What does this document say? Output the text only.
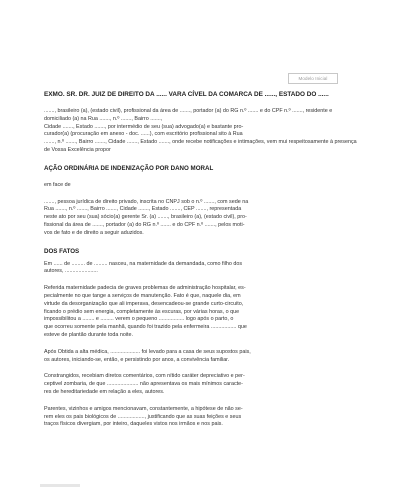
Modelo Inicial

EXMO. SR. DR. JUIZ DE DIREITO DA ...... VARA CÍVEL DA COMARCA DE ......, ESTADO DO ......

......., brasileiro (a), (estado civil), profissional da área de ......., portador (a) do RG n.º ....... e do CPF n.º ......., residente e domiciliado (a) na Rua ......., n.º ......., Bairro .......,
Cidade ......., Estado ......., por intermédio de seu (sua) advogado(a) e bastante pro-
curador(a) (procuração em anexo - doc. ......), com escritório profissional sito à Rua
......., n.º ......., Bairro ......., Cidade ......., Estado ......., onde recebe notificações e intimações, vem mui respeitosamente à presença de Vossa Excelência propor

AÇÃO ORDINÁRIA DE INDENIZAÇÃO POR DANO MORAL

em face de

......., pessoa jurídica de direito privado, inscrita no CNPJ sob o n.º ......., com sede na
Rua ......., n.º ......., Bairro ......., Cidade ......., Estado ......., CEP ......., representada
neste ato por seu (sua) sócio(a) gerente Sr. (a) ......., brasileiro (a), (estado civil), pro-
fissional da área de ......., portador (a) do RG n.º ....... e do CPF n.º ......., pelos moti-
vos de fato e de direito a seguir aduzidos.

DOS FATOS

Em ...... de ......... de ......... nasceu, na maternidade da demandada, como filho dos
autores, ......................

Referida maternidade padecia de graves problemas de administração hospitalar, es-
pecialmente no que tange a serviços de manutenção. Fato é que, naquele dia, em
virtude da desorganização que ali imperava, desencadeou-se grande curto-circuito,
ficando o prédio sem energia, completamente às escuras, por várias horas, o que
impossibilitou a ........ e ......... verem o pequeno ................. logo após o parto, o
que ocorreu somente pela manhã, quando foi trazido pela enfermeira ................. que
esteve de plantão durante toda noite.

Após Obtida a alta médica, .................... foi levado para a casa de seus supostos pais,
os autores, iniciando-se, então, e persistindo por anos, a convivência familiar.

Constrangidos, recebiam diretos comentários, com nítido caráter depreciativo e per-
ceptivel zombaria, de que ..................... não apresentava os mais mínimos caracte-
res de hereditariedade em relação a eles, autores.

Parentes, vizinhos e amigos mencionavam, constantemente, a hipótese de não se-
rem eles os pais biológicos de .................., justificando que as suas feições e seus
traços físicos divergiam, por inteiro, daqueles vistos nos irmãos e nos pais.
